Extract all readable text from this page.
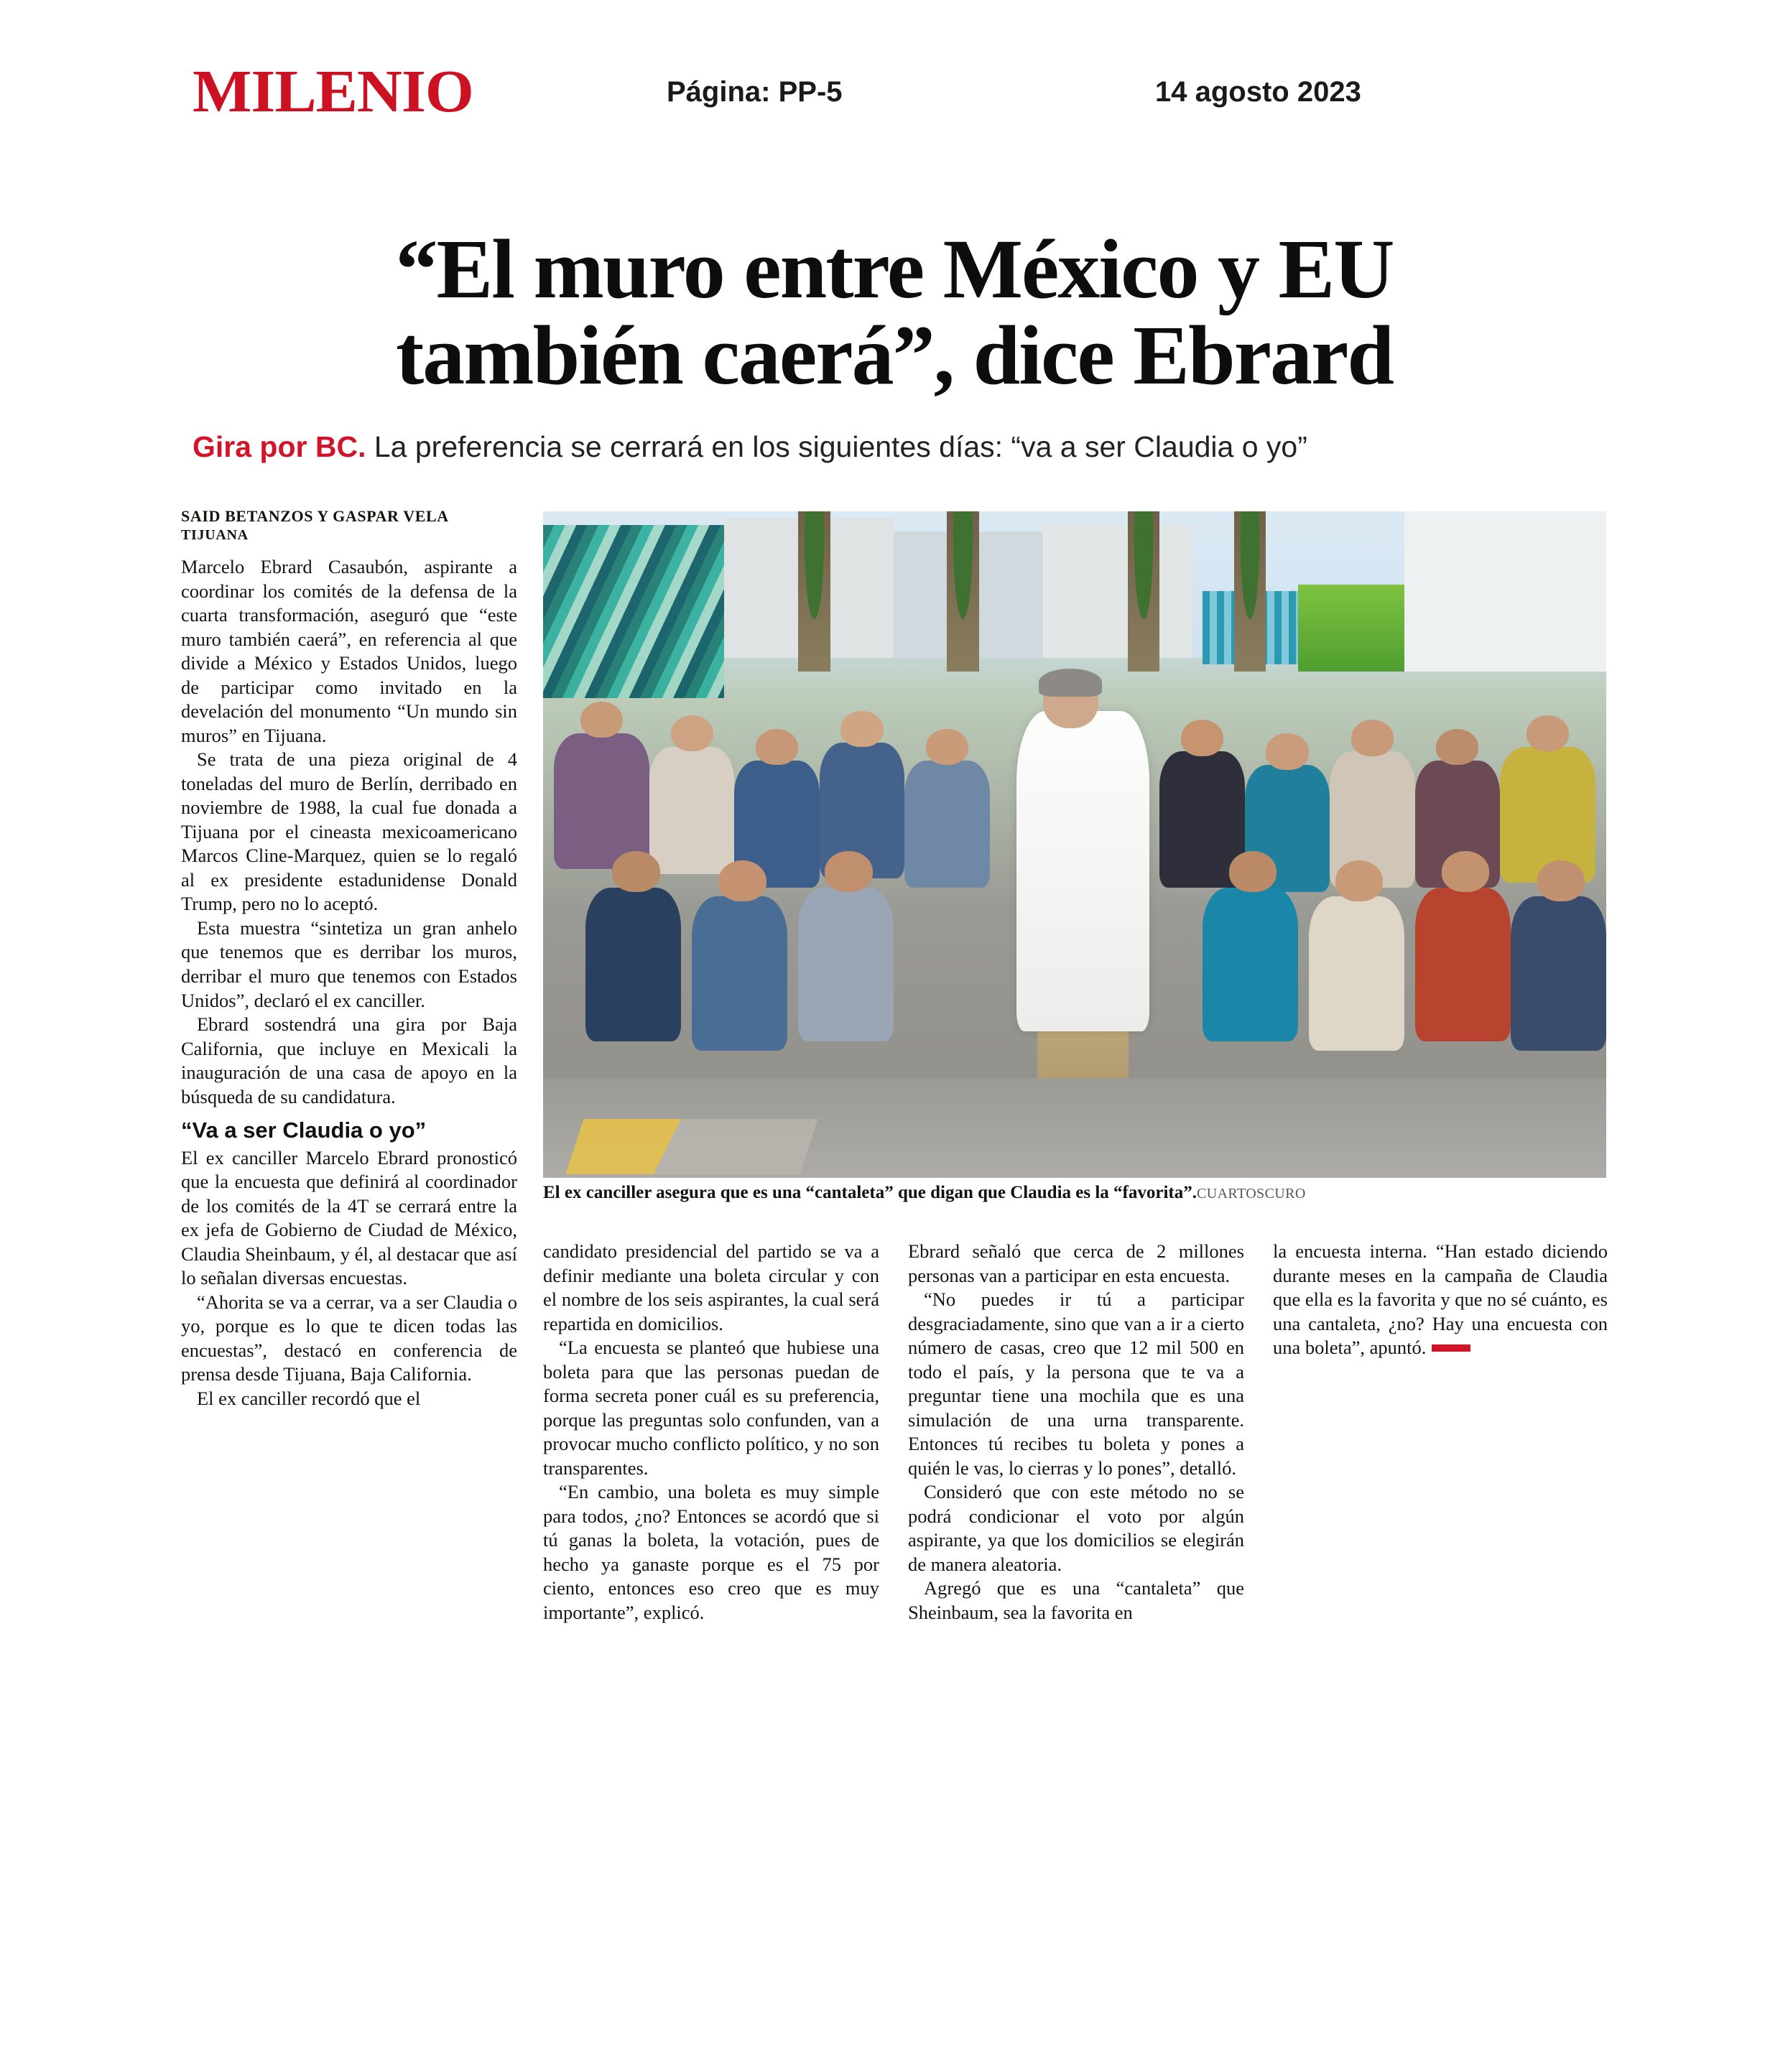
MILENIO	Página: PP-5	14 agosto 2023
“El muro entre México y EU
también caerá”, dice Ebrard
Gira por BC. La preferencia se cerrará en los siguientes días: “va a ser Claudia o yo”
El ex canciller asegura que es una “cantaleta” que digan que Claudia es la “favorita”.CUARTOSCURO
SAID BETANZOS Y GASPAR VELA
TIJUANA

Marcelo Ebrard Casaubón, aspirante a coordinar los comités de la defensa de la cuarta transformación, aseguró que “este muro también caerá”, en referencia al que divide a México y Estados Unidos, luego de participar como invitado en la develación del monumento “Un mundo sin muros” en Tijuana.

Se trata de una pieza original de 4 toneladas del muro de Berlín, derribado en noviembre de 1988, la cual fue donada a Tijuana por el cineasta mexicoamericano Marcos Cline-Marquez, quien se lo regaló al ex presidente estadunidense Donald Trump, pero no lo aceptó.

Esta muestra “sintetiza un gran anhelo que tenemos que es derribar los muros, derribar el muro que tenemos con Estados Unidos”, declaró el ex canciller.

Ebrard sostendrá una gira por Baja California, que incluye en Mexicali la inauguración de una casa de apoyo en la búsqueda de su candidatura.

“Va a ser Claudia o yo”

El ex canciller Marcelo Ebrard pronosticó que la encuesta que definirá al coordinador de los comités de la 4T se cerrará entre la ex jefa de Gobierno de Ciudad de México, Claudia Sheinbaum, y él, al destacar que así lo señalan diversas encuestas.

“Ahorita se va a cerrar, va a ser Claudia o yo, porque es lo que te dicen todas las encuestas”, destacó en conferencia de prensa desde Tijuana, Baja California.

El ex canciller recordó que el

candidato presidencial del partido se va a definir mediante una boleta circular y con el nombre de los seis aspirantes, la cual será repartida en domicilios.

“La encuesta se planteó que hubiese una boleta para que las personas puedan de forma secreta poner cuál es su preferencia, porque las preguntas solo confunden, van a provocar mucho conflicto político, y no son transparentes.

“En cambio, una boleta es muy simple para todos, ¿no? Entonces se acordó que si tú ganas la boleta, la votación, pues de hecho ya ganaste porque es el 75 por ciento, entonces eso creo que es muy importante”, explicó.

Ebrard señaló que cerca de 2 millones personas van a participar en esta encuesta.

“No puedes ir tú a participar desgraciadamente, sino que van a ir a cierto número de casas, creo que 12 mil 500 en todo el país, y la persona que te va a preguntar tiene una mochila que es una simulación de una urna transparente. Entonces tú recibes tu boleta y pones a quién le vas, lo cierras y lo pones”, detalló.

Consideró que con este método no se podrá condicionar el voto por algún aspirante, ya que los domicilios se elegirán de manera aleatoria.

Agregó que es una “cantaleta” que Sheinbaum, sea la favorita en

la encuesta interna. “Han estado diciendo durante meses en la campaña de Claudia que ella es la favorita y que no sé cuánto, es una cantaleta, ¿no? Hay una encuesta con una boleta”, apuntó.
